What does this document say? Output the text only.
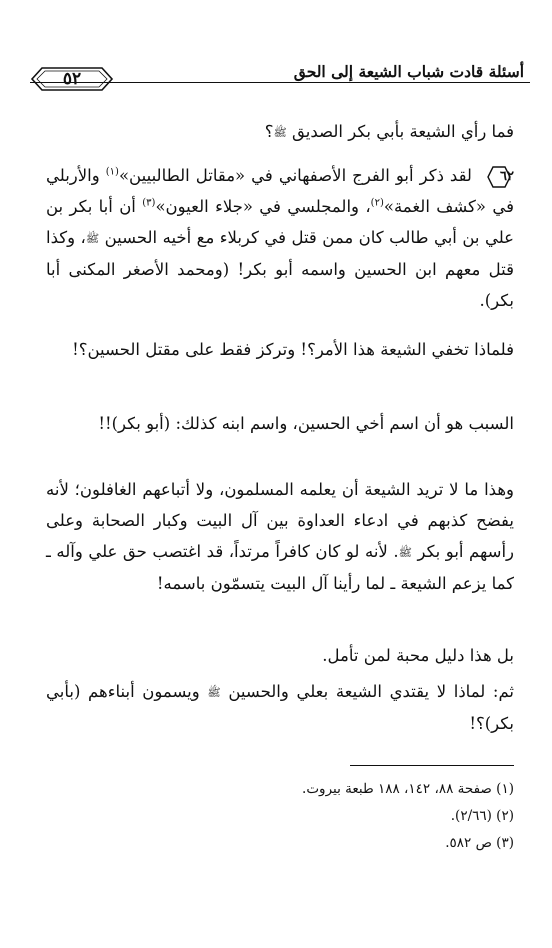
٥٢	أسئلة قادت شباب الشيعة إلى الحق

فما رأي الشيعة بأبي بكر الصديق ﷺ؟

٦٢
لقد ذكر أبو الفرج الأصفهاني في «مقاتل الطالبيين»$^{(١)}$ والأربلي في «كشف الغمة»$^{(٢)}$، والمجلسي في «جلاء العيون»$^{(٣)}$ أن أبا بكر بن علي بن أبي طالب كان ممن قتل في كربلاء مع أخيه الحسين ﷺ، وكذا قتل معهم ابن الحسين واسمه أبو بكر! (ومحمد الأصغر المكنى أبا بكر).

فلماذا تخفي الشيعة هذا الأمر؟! وتركز فقط على مقتل الحسين؟!

السبب هو أن اسم أخي الحسين، واسم ابنه كذلك: (أبو بكر)!!

وهذا ما لا تريد الشيعة أن يعلمه المسلمون، ولا أتباعهم الغافلون؛ لأنه يفضح كذبهم في ادعاء العداوة بين آل البيت وكبار الصحابة وعلى رأسهم أبو بكر ﷺ. لأنه لو كان كافراً مرتداً، قد اغتصب حق علي وآله ـ كما يزعم الشيعة ـ لما رأينا آل البيت يتسمّون باسمه!

بل هذا دليل محبة لمن تأمل.

ثم: لماذا لا يقتدي الشيعة بعلي والحسين ﷺ ويسمون أبناءهم (بأبي بكر)؟!

(١) صفحة ٨٨، ١٤٢، ١٨٨ طبعة بيروت.

(٢) (٢/٦٦).

(٣) ص ٥٨٢.
